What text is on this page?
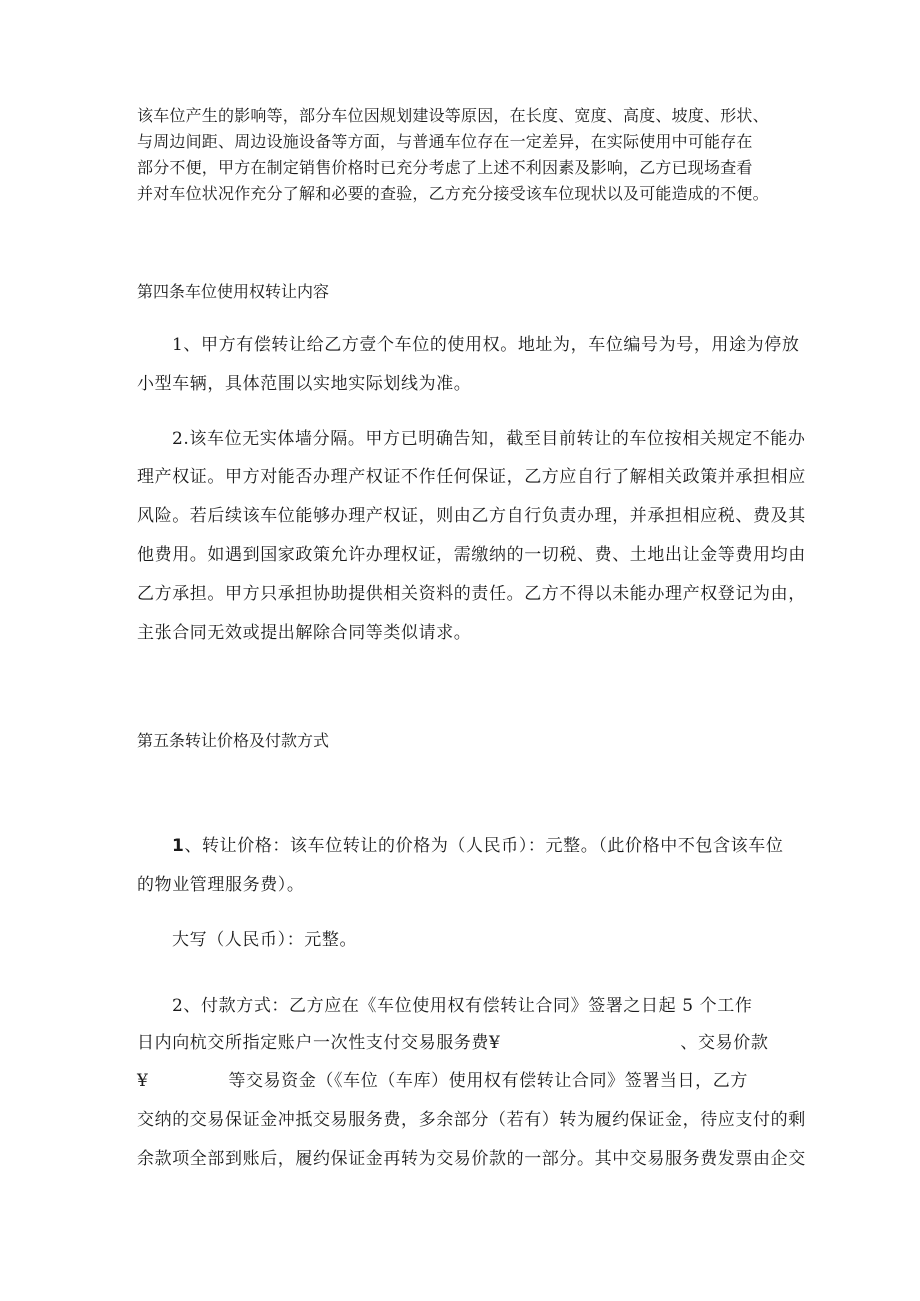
该车位产生的影响等，部分车位因规划建设等原因，在长度、宽度、高度、坡度、形状、
与周边间距、周边设施设备等方面，与普通车位存在一定差异，在实际使用中可能存在
部分不便，甲方在制定销售价格时已充分考虑了上述不利因素及影响，乙方已现场查看
并对车位状况作充分了解和必要的查验，乙方充分接受该车位现状以及可能造成的不便。
第四条车位使用权转让内容
1、甲方有偿转让给乙方壹个车位的使用权。地址为，车位编号为号，用途为停放
小型车辆，具体范围以实地实际划线为准。
2.该车位无实体墙分隔。甲方已明确告知，截至目前转让的车位按相关规定不能办
理产权证。甲方对能否办理产权证不作任何保证，乙方应自行了解相关政策并承担相应
风险。若后续该车位能够办理产权证，则由乙方自行负责办理，并承担相应税、费及其
他费用。如遇到国家政策允许办理权证，需缴纳的一切税、费、土地出让金等费用均由
乙方承担。甲方只承担协助提供相关资料的责任。乙方不得以未能办理产权登记为由，
主张合同无效或提出解除合同等类似请求。
第五条转让价格及付款方式
1、转让价格：该车位转让的价格为（人民币）：元整。（此价格中不包含该车位
的物业管理服务费）。
大写（人民币）：元整。
2、付款方式：乙方应在《车位使用权有偿转让合同》签署之日起 5 个工作
日内向杭交所指定账户一次性支付交易服务费¥	、交易价款
¥	等交易资金（《车位（车库）使用权有偿转让合同》签署当日，乙方
交纳的交易保证金冲抵交易服务费，多余部分（若有）转为履约保证金，待应支付的剩
余款项全部到账后，履约保证金再转为交易价款的一部分。其中交易服务费发票由企交
